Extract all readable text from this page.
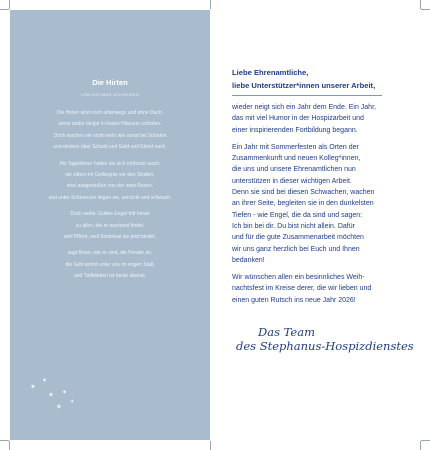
Die Hirten
VON DIETMAR SCHNEIDER
Die Hirten sind noch unterwegs und ohne Dach,
wenn andre längst in festen Häusern schlafen.
Doch wachen sie nicht mehr wie sonst bei Schafen
und denken über Schuld und Geld und Elend nach.
Als Tagelöhner halten sie sich mühsam wach,
sie zittern im Gefängnis vor den Strafen,
sind ausgestoßen von der zwei Rosen,
und unter Schmerzen liegen sie, verrückt und schwach.
Doch wehe: Gottes Engel tritt heran
zu allen, die er wachend findet,
weil Pflicht, weil Schicksal sie jetzt bindet,
sagt ihnen, wie er sind, die Freude an,
die Gott wohnt unter uns im engen Stall,
und Tiefblieben ist heute überall.
✶
✶
✶ ✶
✶
✶
Liebe Ehrenamtliche,
liebe Unterstützer*innen unserer Arbeit,
wieder neigt sich ein Jahr dem Ende. Ein Jahr,
das mit viel Humor in der Hospizarbeit und
einer inspirierenden Fortbildung begann.
Ein Jahr mit Sommerfesten als Orten der
Zusammenkunft und neuen Kolleg*innen,
die uns und unsere Ehrenamtlichen nun
unterstützen in dieser wichtigen Arbeit.
Denn sie sind bei diesen Schwachen, wachen
an ihrer Seite, begleiten sie in den dunkelsten
Tiefen - wie Engel, die da sind und sagen:
Ich bin bei dir. Du bist nicht allein. Dafür
und für die gute Zusammenarbeit möchten
wir uns ganz herzlich bei Euch und Ihnen
bedanken!
Wir wünschen allen ein besinnliches Weih-
nachtsfest im Kreise derer, die wir lieben und
einen guten Rutsch ins neue Jahr 2026!
Das Team
des Stephanus-Hospizdienstes
